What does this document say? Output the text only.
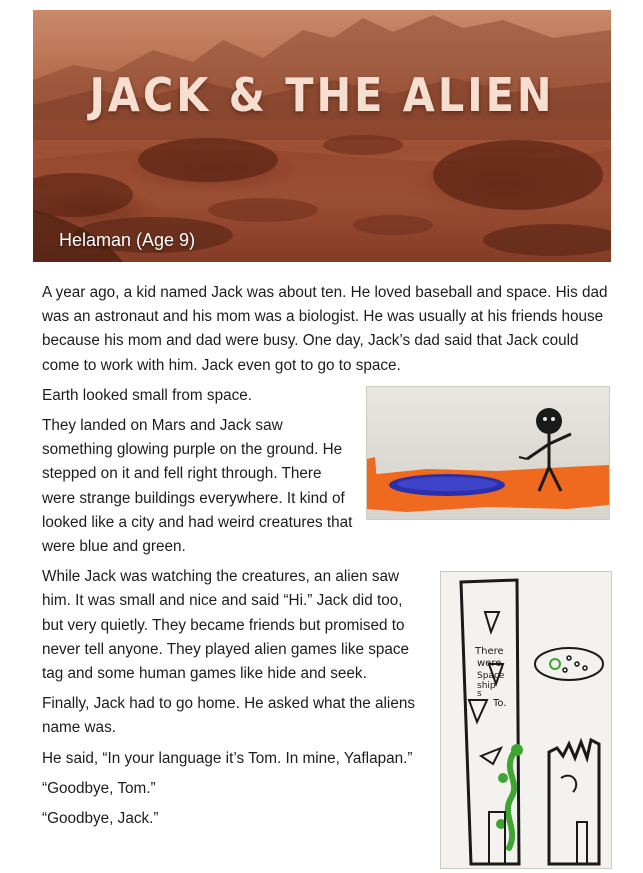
JACK & THE ALIEN
Helaman (Age 9)

A year ago, a kid named Jack was about ten. He loved baseball and space. His dad was an astronaut and his mom was a biologist. He was usually at his friends house because his mom and dad were busy. One day, Jack’s dad said that Jack could come to work with him. Jack even got to go to space.

Earth looked small from space.

They landed on Mars and Jack saw something glowing purple on the ground. He stepped on it and fell right through. There were strange buildings everywhere. It kind of looked like a city and had weird creatures that were blue and green.

There
were
Space
ship
s
To.

While Jack was watching the creatures, an alien saw him. It was small and nice and said “Hi.” Jack did too, but very quietly. They became friends but promised to never tell anyone. They played alien games like space tag and some human games like hide and seek.

Finally, Jack had to go home. He asked what the aliens name was.

He said, “In your language it’s Tom. In mine, Yaflapan.”

“Goodbye, Tom.”

“Goodbye, Jack.”
